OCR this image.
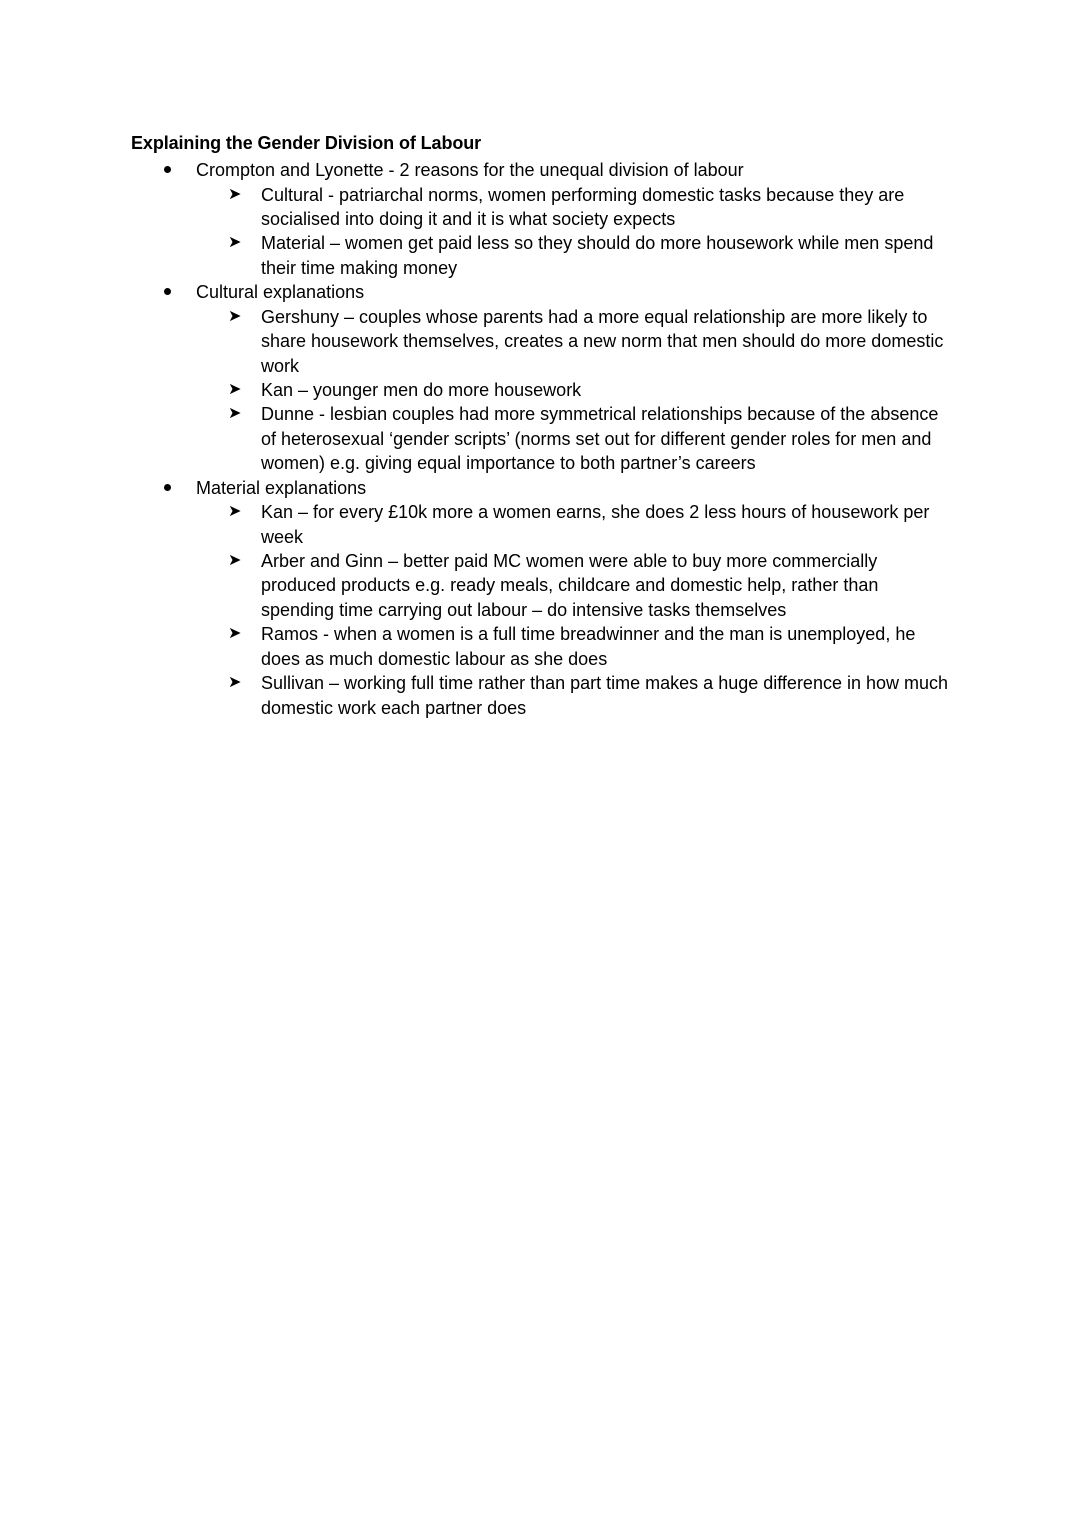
Explaining the Gender Division of Labour
Crompton and Lyonette - 2 reasons for the unequal division of labour
➤ Cultural - patriarchal norms, women performing domestic tasks because they are socialised into doing it and it is what society expects
➤ Material – women get paid less so they should do more housework while men spend their time making money
Cultural explanations
➤ Gershuny – couples whose parents had a more equal relationship are more likely to share housework themselves, creates a new norm that men should do more domestic work
➤ Kan – younger men do more housework
➤ Dunne - lesbian couples had more symmetrical relationships because of the absence of heterosexual ‘gender scripts’ (norms set out for different gender roles for men and women) e.g. giving equal importance to both partner’s careers
Material explanations
➤ Kan – for every £10k more a women earns, she does 2 less hours of housework per week
➤ Arber and Ginn – better paid MC women were able to buy more commercially produced products e.g. ready meals, childcare and domestic help, rather than spending time carrying out labour – do intensive tasks themselves
➤ Ramos - when a women is a full time breadwinner and the man is unemployed, he does as much domestic labour as she does
➤ Sullivan – working full time rather than part time makes a huge difference in how much domestic work each partner does
